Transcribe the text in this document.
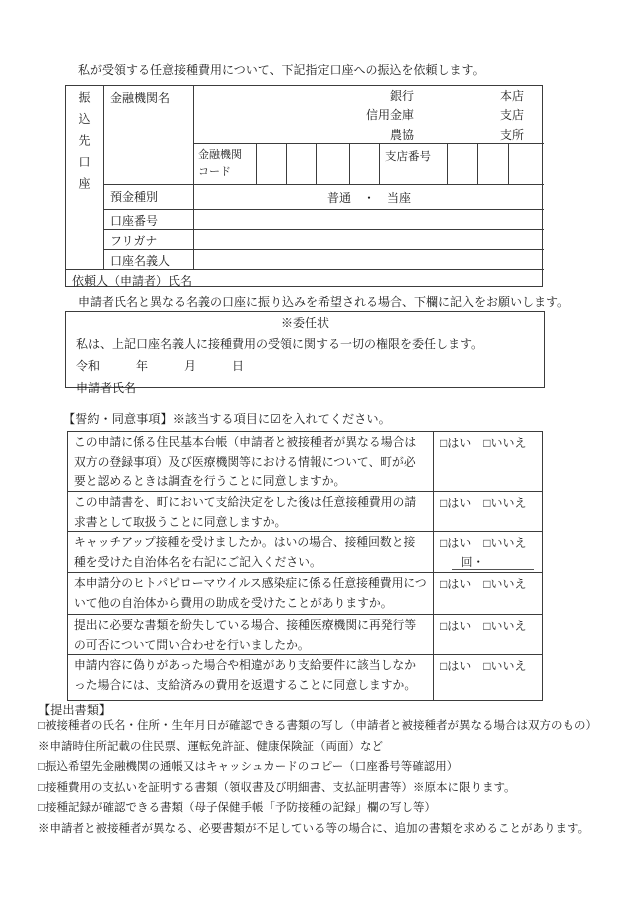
私が受領する任意接種費用について、下記指定口座への振込を依頼します。
振込先口座	金融機関名	銀行	本店
信用金庫	支店
農協	支所
金融機関
コード
支店番号
預金種別	普通　・　当座
口座番号
フリガナ
口座名義人
依頼人（申請者）氏名
申請者氏名と異なる名義の口座に振り込みを希望される場合、下欄に記入をお願いします。
※委任状
私は、上記口座名義人に接種費用の受領に関する一切の権限を委任します。
令和　　　年　　　月　　　日
申請者氏名
【誓約・同意事項】※該当する項目に☑を入れてください。
この申請に係る住民基本台帳（申請者と被接種者が異なる場合は双方の登録事項）及び医療機関等における情報について、町が必要と認めるときは調査を行うことに同意しますか。
□はい　□いいえ
この申請書を、町において支給決定をした後は任意接種費用の請求書として取扱うことに同意しますか。
□はい　□いいえ
キャッチアップ接種を受けましたか。はいの場合、接種回数と接種を受けた自治体名を右記にご記入ください。
□はい　□いいえ
回・
本申請分のヒトパピローマウイルス感染症に係る任意接種費用について他の自治体から費用の助成を受けたことがありますか。
□はい　□いいえ
提出に必要な書類を紛失している場合、接種医療機関に再発行等の可否について問い合わせを行いましたか。
□はい　□いいえ
申請内容に偽りがあった場合や相違があり支給要件に該当しなかった場合には、支給済みの費用を返還することに同意しますか。
□はい　□いいえ
【提出書類】
□被接種者の氏名・住所・生年月日が確認できる書類の写し（申請者と被接種者が異なる場合は双方のもの）
※申請時住所記載の住民票、運転免許証、健康保険証（両面）など
□振込希望先金融機関の通帳又はキャッシュカードのコピー（口座番号等確認用）
□接種費用の支払いを証明する書類（領収書及び明細書、支払証明書等）※原本に限ります。
□接種記録が確認できる書類（母子保健手帳「予防接種の記録」欄の写し等）
※申請者と被接種者が異なる、必要書類が不足している等の場合に、追加の書類を求めることがあります。
